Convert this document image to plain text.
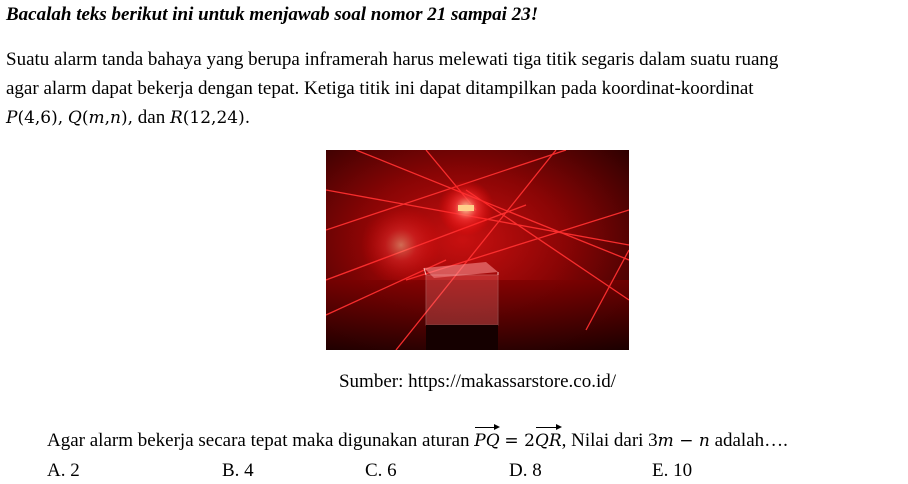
Bacalah teks berikut ini untuk menjawab soal nomor 21 sampai 23!
Suatu alarm tanda bahaya yang berupa inframerah harus melewati tiga titik segaris dalam suatu ruang
agar alarm dapat bekerja dengan tepat. Ketiga titik ini dapat ditampilkan pada koordinat-koordinat
P(4,6), Q(m,n), dan R(12,24).
Sumber: https://makassarstore.co.id/
Agar alarm bekerja secara tepat maka digunakan aturan PQ = 2QR
, Nilai dari 3m − n adalah….
A. 2	B. 4	C. 6	D. 8	E. 10
